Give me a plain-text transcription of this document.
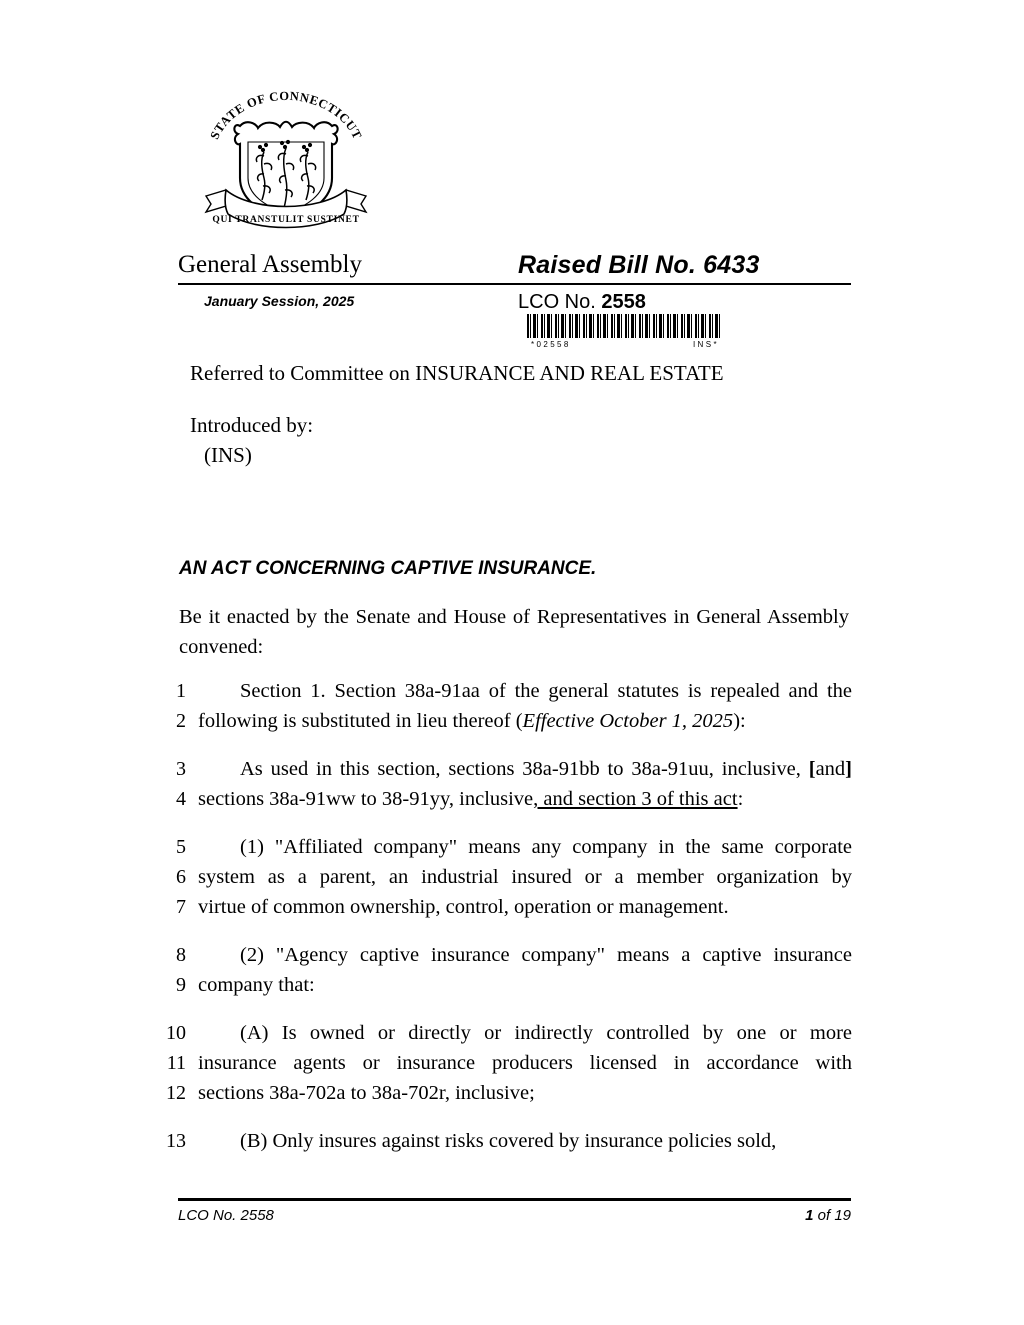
STATE OF CONNECTICUT
QUI TRANSTULIT SUSTINET
General Assembly	Raised Bill No. 6433
January Session, 2025	LCO No. 2558
*02558	INS*
Referred to Committee on INSURANCE AND REAL ESTATE
Introduced by:
(INS)
AN ACT CONCERNING CAPTIVE INSURANCE.
Be it enacted by the Senate and House of Representatives in General Assembly convened:
1	Section 1. Section 38a-91aa of the general statutes is repealed and the
2 following is substituted in lieu thereof (Effective October 1, 2025):
3	As used in this section, sections 38a-91bb to 38a-91uu, inclusive, [and]
4 sections 38a-91ww to 38-91yy, inclusive, and section 3 of this act:
5	(1) "Affiliated company" means any company in the same corporate
6 system as a parent, an industrial insured or a member organization by
7 virtue of common ownership, control, operation or management.
8	(2) "Agency captive insurance company" means a captive insurance
9 company that:
10	(A) Is owned or directly or indirectly controlled by one or more
11 insurance agents or insurance producers licensed in accordance with
12 sections 38a-702a to 38a-702r, inclusive;
13	(B) Only insures against risks covered by insurance policies sold,
LCO No. 2558	1 of 19
